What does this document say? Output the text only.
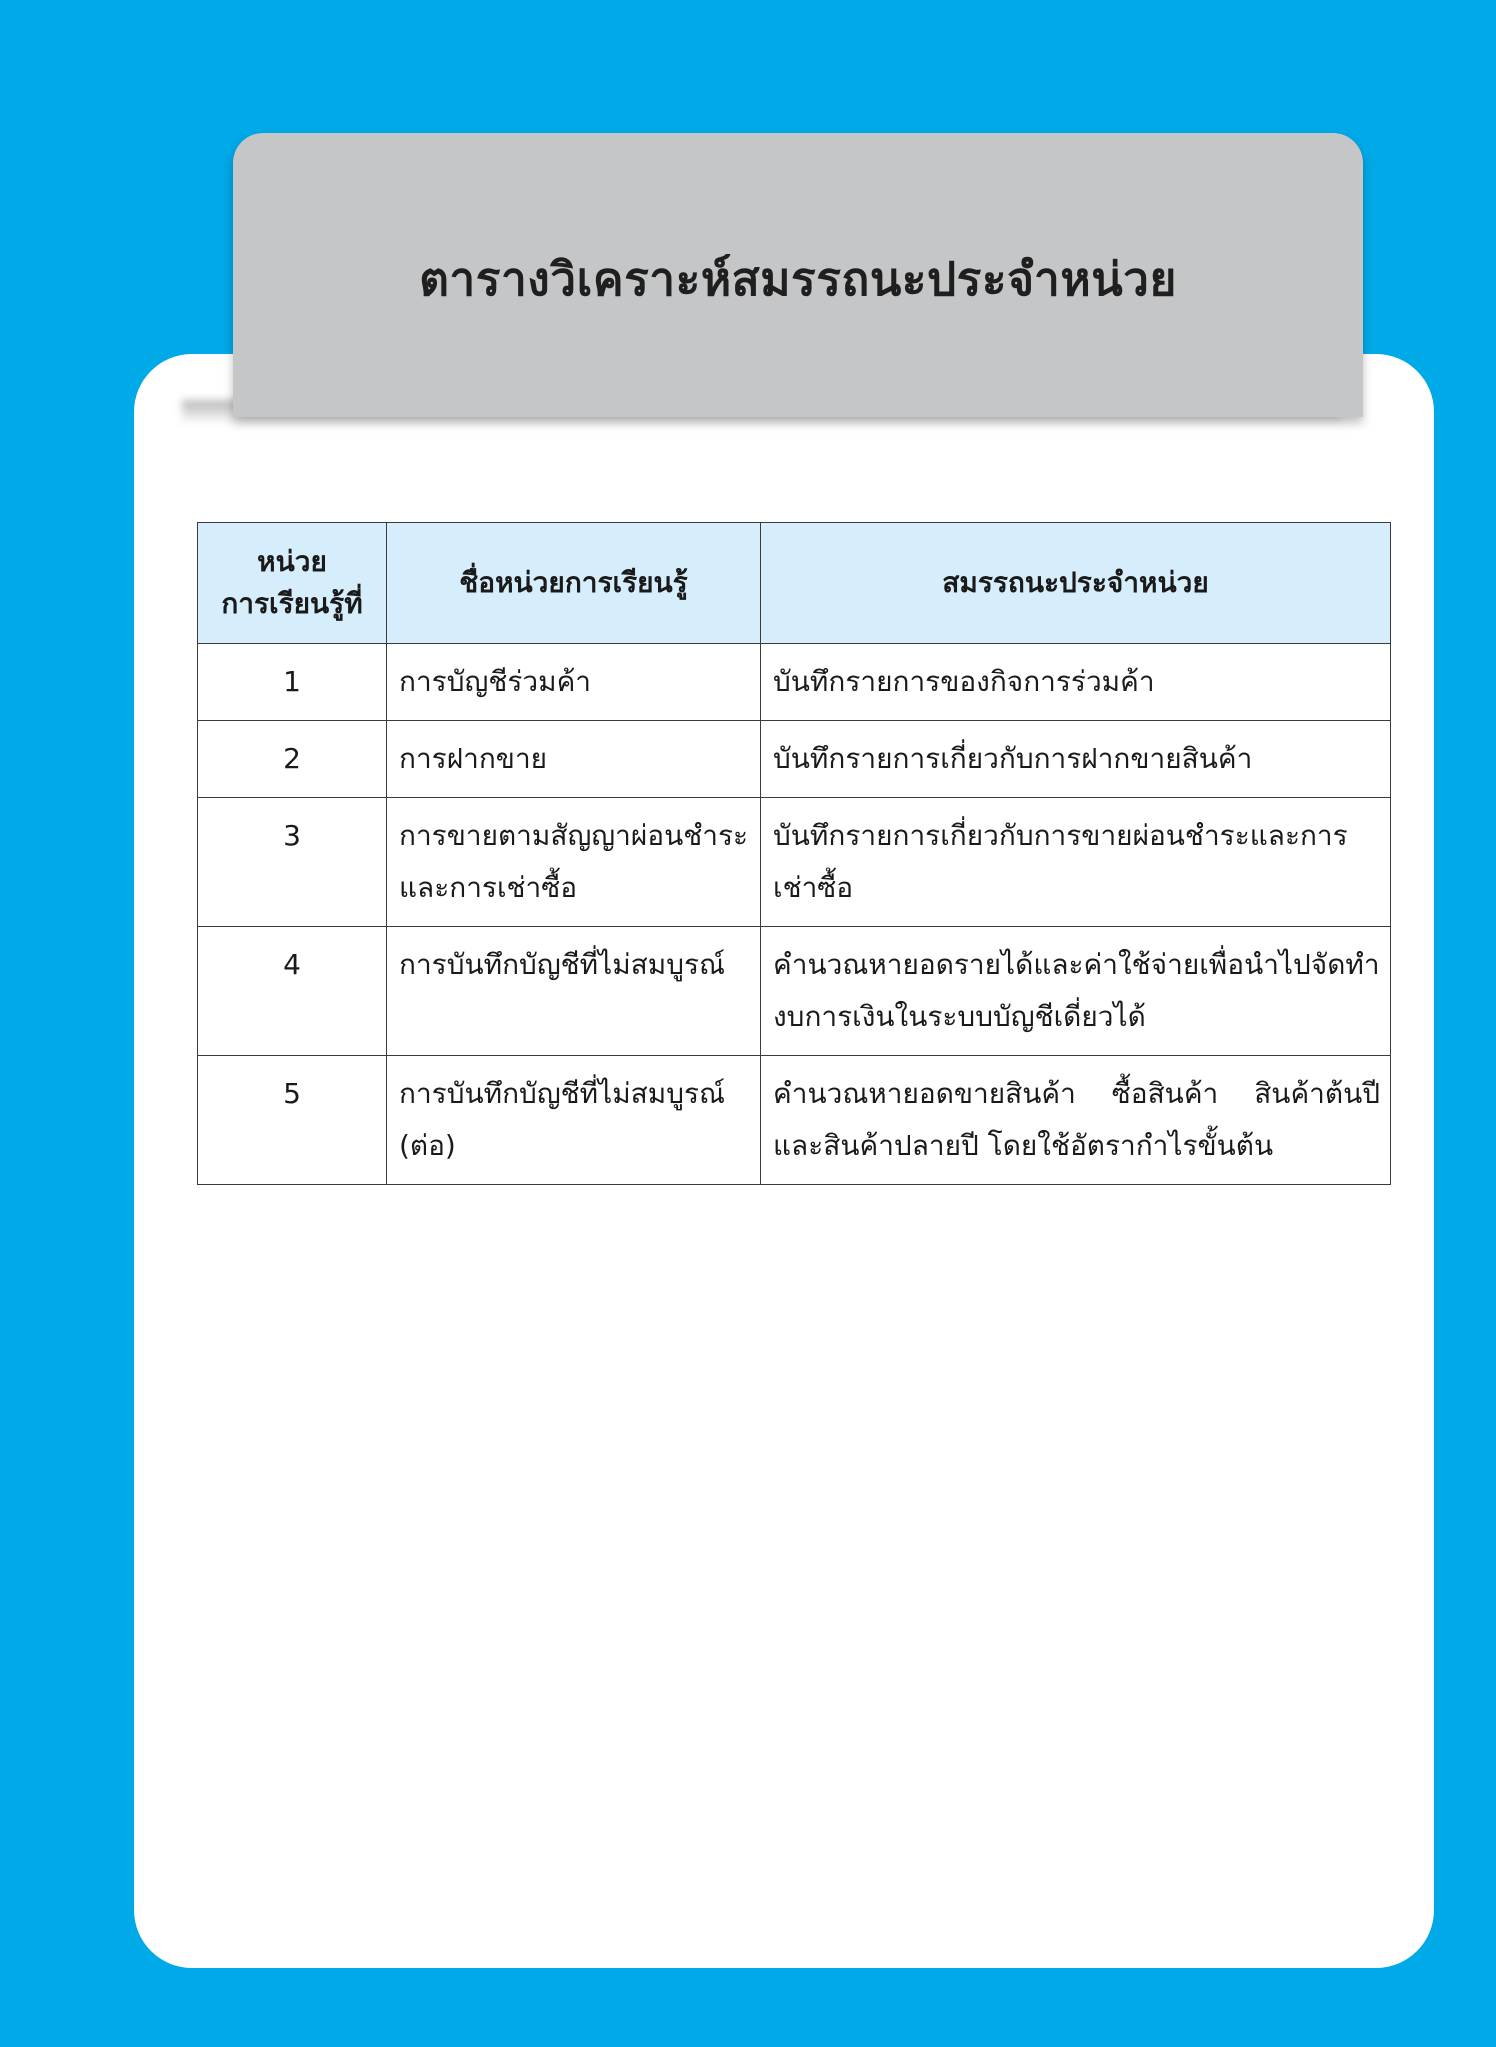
ตารางวิเคราะห์สมรรถนะประจำหน่วย
หน่วย
การเรียนรู้ที่	ชื่อหน่วยการเรียนรู้	สมรรถนะประจำหน่วย
1	การบัญชีร่วมค้า	บันทึกรายการของกิจการร่วมค้า
2	การฝากขาย	บันทึกรายการเกี่ยวกับการฝากขายสินค้า
3	การขายตามสัญญาผ่อนชำระและการเช่าซื้อ	บันทึกรายการเกี่ยวกับการขายผ่อนชำระและการเช่าซื้อ
4	การบันทึกบัญชีที่ไม่สมบูรณ์	คำนวณหายอดรายได้และค่าใช้จ่ายเพื่อนำไปจัดทำงบการเงินในระบบบัญชีเดี่ยวได้
5	การบันทึกบัญชีที่ไม่สมบูรณ์ (ต่อ)	คำนวณหายอดขายสินค้า ซื้อสินค้า สินค้าต้นปี และสินค้าปลายปี โดยใช้อัตรากำไรขั้นต้น
